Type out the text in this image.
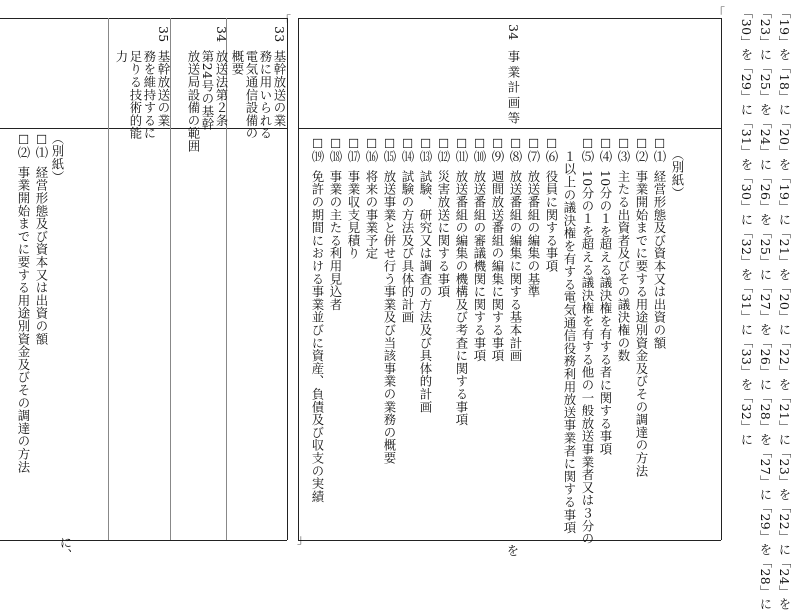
「19」を「18」に「20」を「19」に「21」を「20」に「22」を「21」に「23」を「22」に「24」を
「23」に「25」を「24」に「26」を「25」に「27」を「26」に「28」を「27」に「29」を「28」に
「30」を「29」に「31」を「30」に「32」を「31」に「33」を「32」に
「
」
34
事業計画等
（別紙）
☐
⑴
経営形態及び資本又は出資の額
☐
⑵
事業開始までに要する用途別資金及びその調達の方法
☐
⑶
主たる出資者及びその議決権の数
☐
⑷
10分の１を超える議決権を有する者に関する事項
☐
⑸
10分の１を超える議決権を有する他の一般放送事業者又は３分の
１以上の議決権を有する電気通信役務利用放送事業者に関する事項
☐
⑹
役員に関する事項
☐
⑺
放送番組の編集の基準
☐
⑻
放送番組の編集に関する基本計画
☐
⑼
週間放送番組の編集に関する事項
☐
⑽
放送番組の審議機関に関する事項
☐
⑾
放送番組の編集の機構及び考査に関する事項
☐
⑿
災害放送に関する事項
☐
⒀
試験、研究又は調査の方法及び具体的計画
☐
⒁
試験の方法及び具体的計画
☐
⒂
放送事業と併せ行う事業及び当該事業の業務の概要
☐
⒃
将来の事業予定
☐
⒄
事業収支見積り
☐
⒅
事業の主たる利用見込者
☐
⒆
免許の期間における事業並びに資産、負債及び収支の実績
を
「
33
基幹放送の業
務に用いられる
電気通信設備の
概要
34
放送法第２条
第24号の基幹
放送局設備の範囲
35
基幹放送の業
務を維持するに
足りる技術的能
力
（別紙）
☐
⑴
経営形態及び資本又は出資の額
☐
⑵
事業開始までに要する用途別資金及びその調達の方法
に、
